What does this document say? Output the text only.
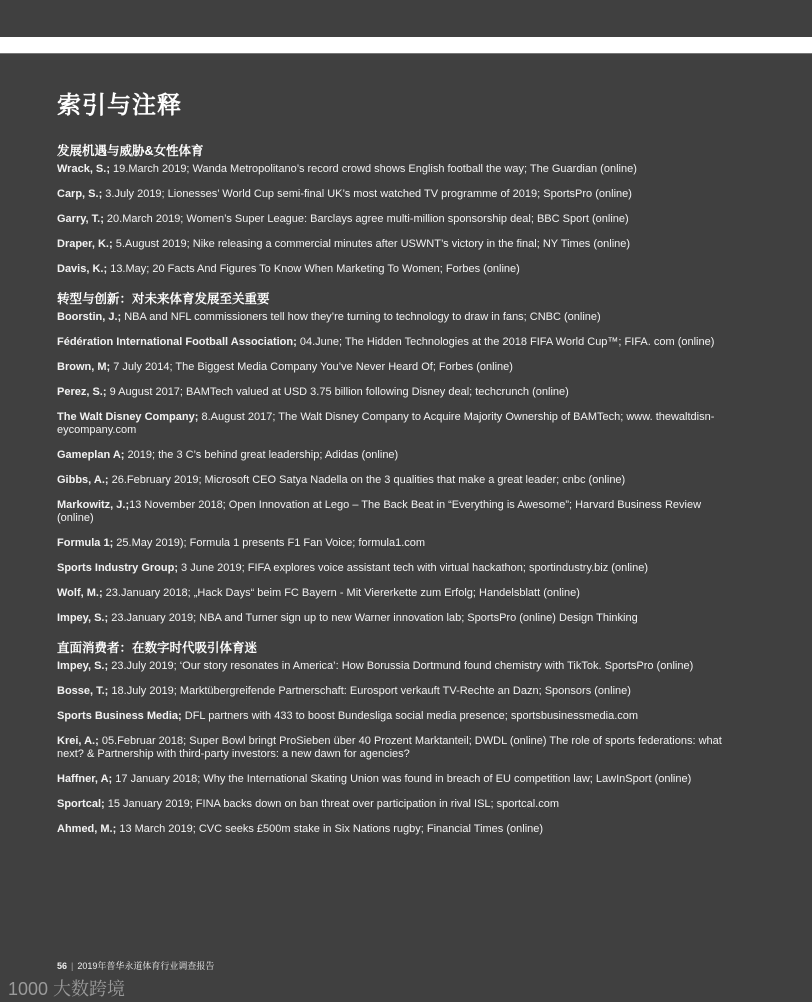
索引与注释
发展机遇与威胁&女性体育
Wrack, S.; 19.March 2019; Wanda Metropolitano’s record crowd shows English football the way; The Guardian (online)
Carp, S.; 3.July 2019; Lionesses’ World Cup semi-final UK’s most watched TV programme of 2019; SportsPro (online)
Garry, T.; 20.March 2019; Women’s Super League: Barclays agree multi-million sponsorship deal; BBC Sport (online)
Draper, K.; 5.August 2019; Nike releasing a commercial minutes after USWNT’s victory in the final; NY Times (online)
Davis, K.; 13.May; 20 Facts And Figures To Know When Marketing To Women; Forbes (online)
转型与创新：对未来体育发展至关重要
Boorstin, J.; NBA and NFL commissioners tell how they’re turning to technology to draw in fans; CNBC (online)
Fédération International Football Association; 04.June; The Hidden Technologies at the 2018 FIFA World Cup™; FIFA. com (online)
Brown, M; 7 July 2014; The Biggest Media Company You’ve Never Heard Of; Forbes (online)
Perez, S.; 9 August 2017; BAMTech valued at USD 3.75 billion following Disney deal; techcrunch (online)
The Walt Disney Company; 8.August 2017; The Walt Disney Company to Acquire Majority Ownership of BAMTech; www. thewaltdisn-eycompany.com
Gameplan A; 2019; the 3 C’s behind great leadership; Adidas (online)
Gibbs, A.; 26.February 2019; Microsoft CEO Satya Nadella on the 3 qualities that make a great leader; cnbc (online)
Markowitz, J.;13 November 2018; Open Innovation at Lego – The Back Beat in “Everything is Awesome”; Harvard Business Review (online)
Formula 1; 25.May 2019); Formula 1 presents F1 Fan Voice; formula1.com
Sports Industry Group; 3 June 2019; FIFA explores voice assistant tech with virtual hackathon; sportindustry.biz (online)
Wolf, M.; 23.January 2018; „Hack Days“ beim FC Bayern - Mit Viererkette zum Erfolg; Handelsblatt (online)
Impey, S.; 23.January 2019; NBA and Turner sign up to new Warner innovation lab; SportsPro (online) Design Thinking
直面消费者：在数字时代吸引体育迷
Impey, S.; 23.July 2019; ‘Our story resonates in America’: How Borussia Dortmund found chemistry with TikTok. SportsPro (online)
Bosse, T.; 18.July 2019; Marktübergreifende Partnerschaft: Eurosport verkauft TV-Rechte an Dazn; Sponsors (online)
Sports Business Media; DFL partners with 433 to boost Bundesliga social media presence; sportsbusinessmedia.com
Krei, A.; 05.Februar 2018; Super Bowl bringt ProSieben über 40 Prozent Marktanteil; DWDL (online) The role of sports federations: what next? & Partnership with third-party investors: a new dawn for agencies?
Haffner, A; 17 January 2018; Why the International Skating Union was found in breach of EU competition law; LawInSport (online)
Sportcal; 15 January 2019; FINA backs down on ban threat over participation in rival ISL; sportcal.com
Ahmed, M.; 13 March 2019; CVC seeks £500m stake in Six Nations rugby; Financial Times (online)
56 | 2019年普华永道体育行业调查报告
1000 大数跨境
